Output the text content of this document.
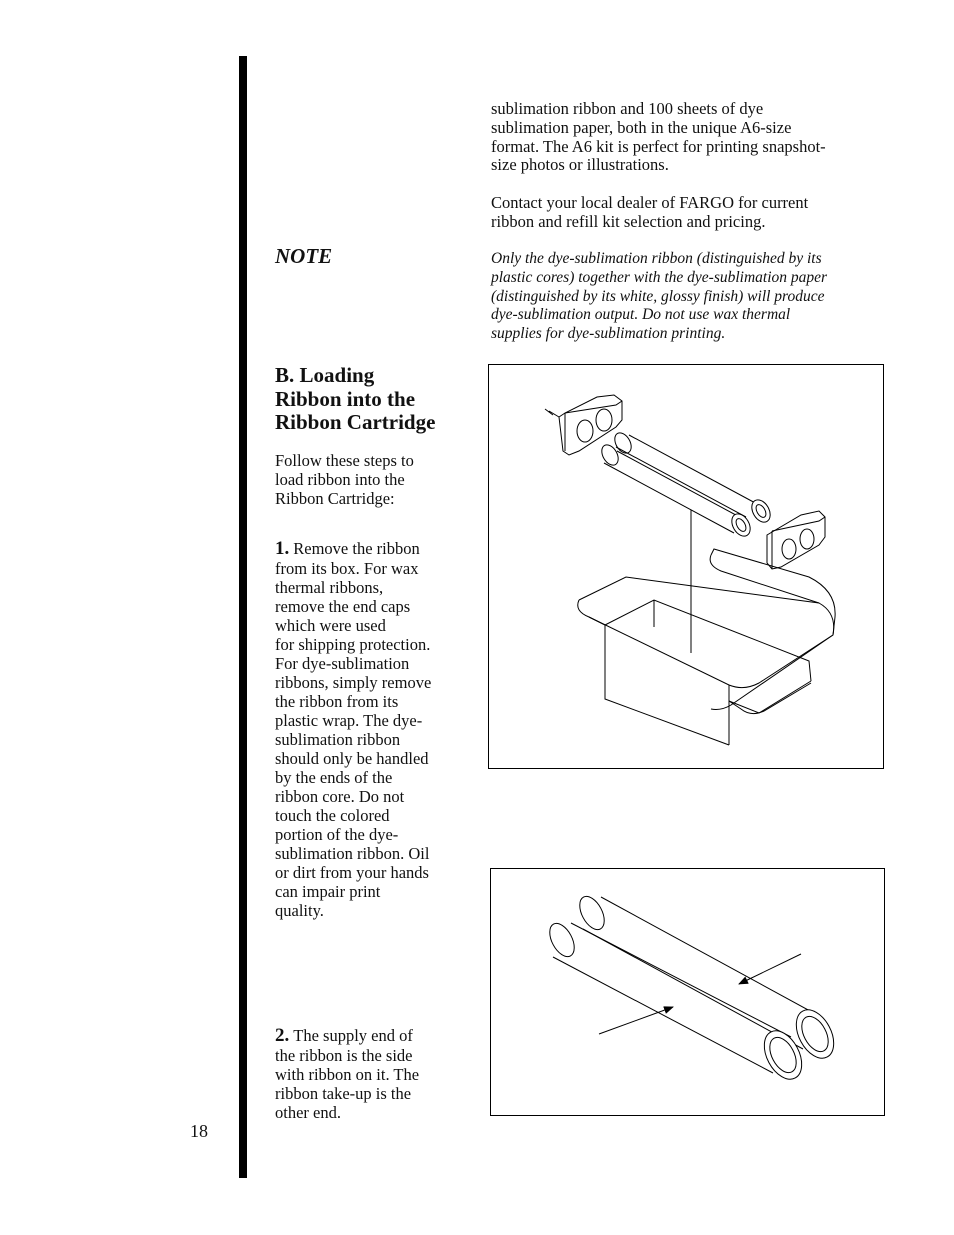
sublimation ribbon and 100 sheets of dye
sublimation paper, both in the unique A6-size
format. The A6 kit is perfect for printing snapshot-
size photos or illustrations.
Contact your local dealer of FARGO for current
ribbon and refill kit selection and pricing.
NOTE	Only the dye-sublimation ribbon (distinguished by its
plastic cores) together with the dye-sublimation paper
(distinguished by its white, glossy finish) will produce
dye-sublimation output. Do not use wax thermal
supplies for dye-sublimation printing.
B. Loading
Ribbon into the
Ribbon Cartridge
Follow these steps to
load ribbon into the
Ribbon Cartridge:
1. Remove the ribbon
from its box. For wax
thermal ribbons,
remove the end caps
which were used
for shipping protection.
For dye-sublimation
ribbons, simply remove
the ribbon from its
plastic wrap. The dye-
sublimation ribbon
should only be handled
by the ends of the
ribbon core. Do not
touch the colored
portion of the dye-
sublimation ribbon. Oil
or dirt from your hands
can impair print
quality.
2. The supply end of
the ribbon is the side
with ribbon on it. The
ribbon take-up is the
other end.
18
